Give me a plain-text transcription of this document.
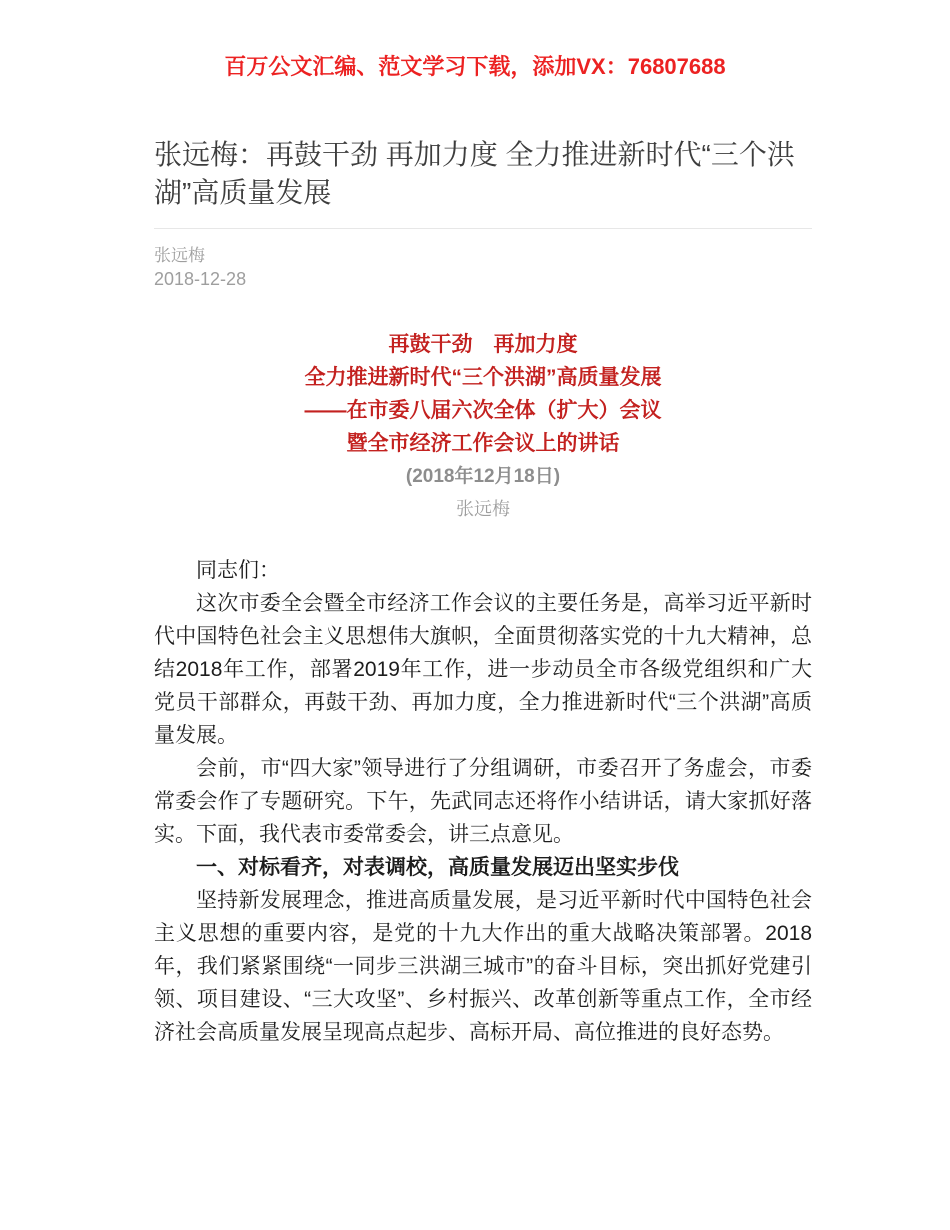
百万公文汇编、范文学习下载，添加VX：76807688
张远梅：再鼓干劲 再加力度 全力推进新时代“三个洪湖”高质量发展
张远梅
2018-12-28
再鼓干劲　再加力度
全力推进新时代“三个洪湖”高质量发展
——在市委八届六次全体（扩大）会议
暨全市经济工作会议上的讲话
(2018年12月18日)
张远梅

同志们：

这次市委全会暨全市经济工作会议的主要任务是，高举习近平新时代中国特色社会主义思想伟大旗帜，全面贯彻落实党的十九大精神，总结2018年工作，部署2019年工作，进一步动员全市各级党组织和广大党员干部群众，再鼓干劲、再加力度，全力推进新时代“三个洪湖”高质量发展。

会前，市“四大家”领导进行了分组调研，市委召开了务虚会，市委常委会作了专题研究。下午，先武同志还将作小结讲话，请大家抓好落实。下面，我代表市委常委会，讲三点意见。

一、对标看齐，对表调校，高质量发展迈出坚实步伐

坚持新发展理念，推进高质量发展，是习近平新时代中国特色社会主义思想的重要内容，是党的十九大作出的重大战略决策部署。2018年，我们紧紧围绕“一同步三洪湖三城市”的奋斗目标，突出抓好党建引领、项目建设、“三大攻坚”、乡村振兴、改革创新等重点工作，全市经济社会高质量发展呈现高点起步、高标开局、高位推进的良好态势。
